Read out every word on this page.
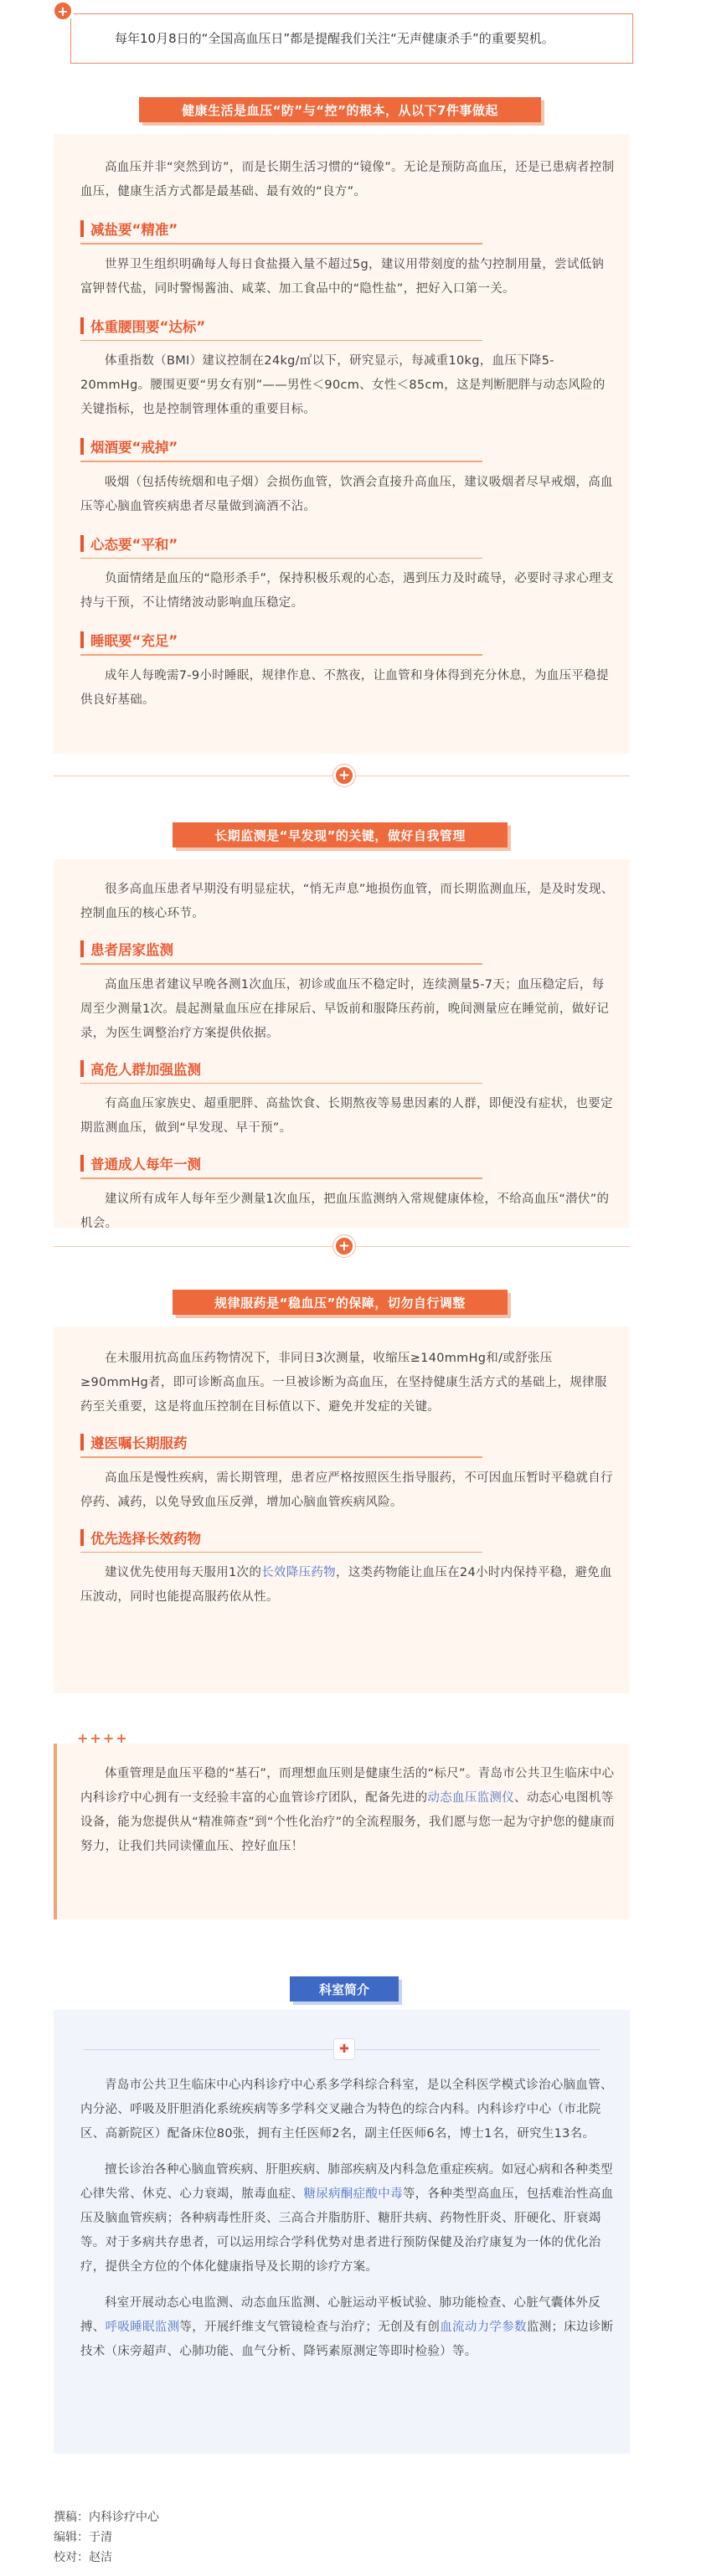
每年10月8日的“全国高血压日”都是提醒我们关注“无声健康杀手”的重要契机。
+
健康生活是血压“防”与“控”的根本，从以下7件事做起

高血压并非“突然到访”，而是长期生活习惯的“镜像”。无论是预防高血压，还是已患病者控制血压，健康生活方式都是最基础、最有效的“良方”。

减盐要“精准”

世界卫生组织明确每人每日食盐摄入量不超过5g，建议用带刻度的盐勺控制用量，尝试低钠富钾替代盐，同时警惕酱油、咸菜、加工食品中的“隐性盐”，把好入口第一关。

体重腰围要“达标”

体重指数（BMI）建议控制在24kg/㎡以下，研究显示，每减重10kg，血压下降5-20mmHg。腰围更要“男女有别”——男性＜90cm、女性＜85cm，这是判断肥胖与动态风险的关键指标，也是控制管理体重的重要目标。

烟酒要“戒掉”

吸烟（包括传统烟和电子烟）会损伤血管，饮酒会直接升高血压，建议吸烟者尽早戒烟，高血压等心脑血管疾病患者尽量做到滴酒不沾。

心态要“平和”

负面情绪是血压的“隐形杀手”，保持积极乐观的心态，遇到压力及时疏导，必要时寻求心理支持与干预，不让情绪波动影响血压稳定。

睡眠要“充足”

成年人每晚需7-9小时睡眠，规律作息、不熬夜，让血管和身体得到充分休息，为血压平稳提供良好基础。

+
长期监测是“早发现”的关键，做好自我管理

很多高血压患者早期没有明显症状，“悄无声息”地损伤血管，而长期监测血压，是及时发现、控制血压的核心环节。

患者居家监测

高血压患者建议早晚各测1次血压，初诊或血压不稳定时，连续测量5-7天；血压稳定后，每周至少测量1次。晨起测量血压应在排尿后、早饭前和服降压药前，晚间测量应在睡觉前，做好记录，为医生调整治疗方案提供依据。

高危人群加强监测

有高血压家族史、超重肥胖、高盐饮食、长期熬夜等易患因素的人群，即便没有症状，也要定期监测血压，做到“早发现、早干预”。

普通成人每年一测

建议所有成年人每年至少测量1次血压，把血压监测纳入常规健康体检，不给高血压“潜伏”的机会。

+
规律服药是“稳血压”的保障，切勿自行调整

在未服用抗高血压药物情况下，非同日3次测量，收缩压≥140mmHg和/或舒张压≥90mmHg者，即可诊断高血压。一旦被诊断为高血压，在坚持健康生活方式的基础上，规律服药至关重要，这是将血压控制在目标值以下、避免并发症的关键。

遵医嘱长期服药

高血压是慢性疾病，需长期管理，患者应严格按照医生指导服药，不可因血压暂时平稳就自行停药、减药，以免导致血压反弹，增加心脑血管疾病风险。

优先选择长效药物

建议优先使用每天服用1次的长效降压药物，这类药物能让血压在24小时内保持平稳，避免血压波动，同时也能提高服药依从性。

++++

体重管理是血压平稳的“基石”，而理想血压则是健康生活的“标尺”。青岛市公共卫生临床中心内科诊疗中心拥有一支经验丰富的心血管诊疗团队，配备先进的动态血压监测仪、动态心电图机等设备，能为您提供从“精准筛查”到“个性化治疗”的全流程服务，我们愿与您一起为守护您的健康而努力，让我们共同读懂血压、控好血压！

科室简介
✚

青岛市公共卫生临床中心内科诊疗中心系多学科综合科室，是以全科医学模式诊治心脑血管、内分泌、呼吸及肝胆消化系统疾病等多学科交叉融合为特色的综合内科。内科诊疗中心（市北院区、高新院区）配备床位80张，拥有主任医师2名，副主任医师6名，博士1名，研究生13名。

擅长诊治各种心脑血管疾病、肝胆疾病、肺部疾病及内科急危重症疾病。如冠心病和各种类型心律失常、休克、心力衰竭，脓毒血症、糖尿病酮症酸中毒等，各种类型高血压，包括难治性高血压及脑血管疾病；各种病毒性肝炎、三高合并脂肪肝、糖肝共病、药物性肝炎、肝硬化、肝衰竭等。对于多病共存患者，可以运用综合学科优势对患者进行预防保健及治疗康复为一体的优化治疗，提供全方位的个体化健康指导及长期的诊疗方案。

科室开展动态心电监测、动态血压监测、心脏运动平板试验、肺功能检查、心脏气囊体外反搏、呼吸睡眠监测等，开展纤维支气管镜检查与治疗；无创及有创血流动力学参数监测；床边诊断技术（床旁超声、心肺功能、血气分析、降钙素原测定等即时检验）等。

撰稿：内科诊疗中心
编辑：于清
校对：赵洁
